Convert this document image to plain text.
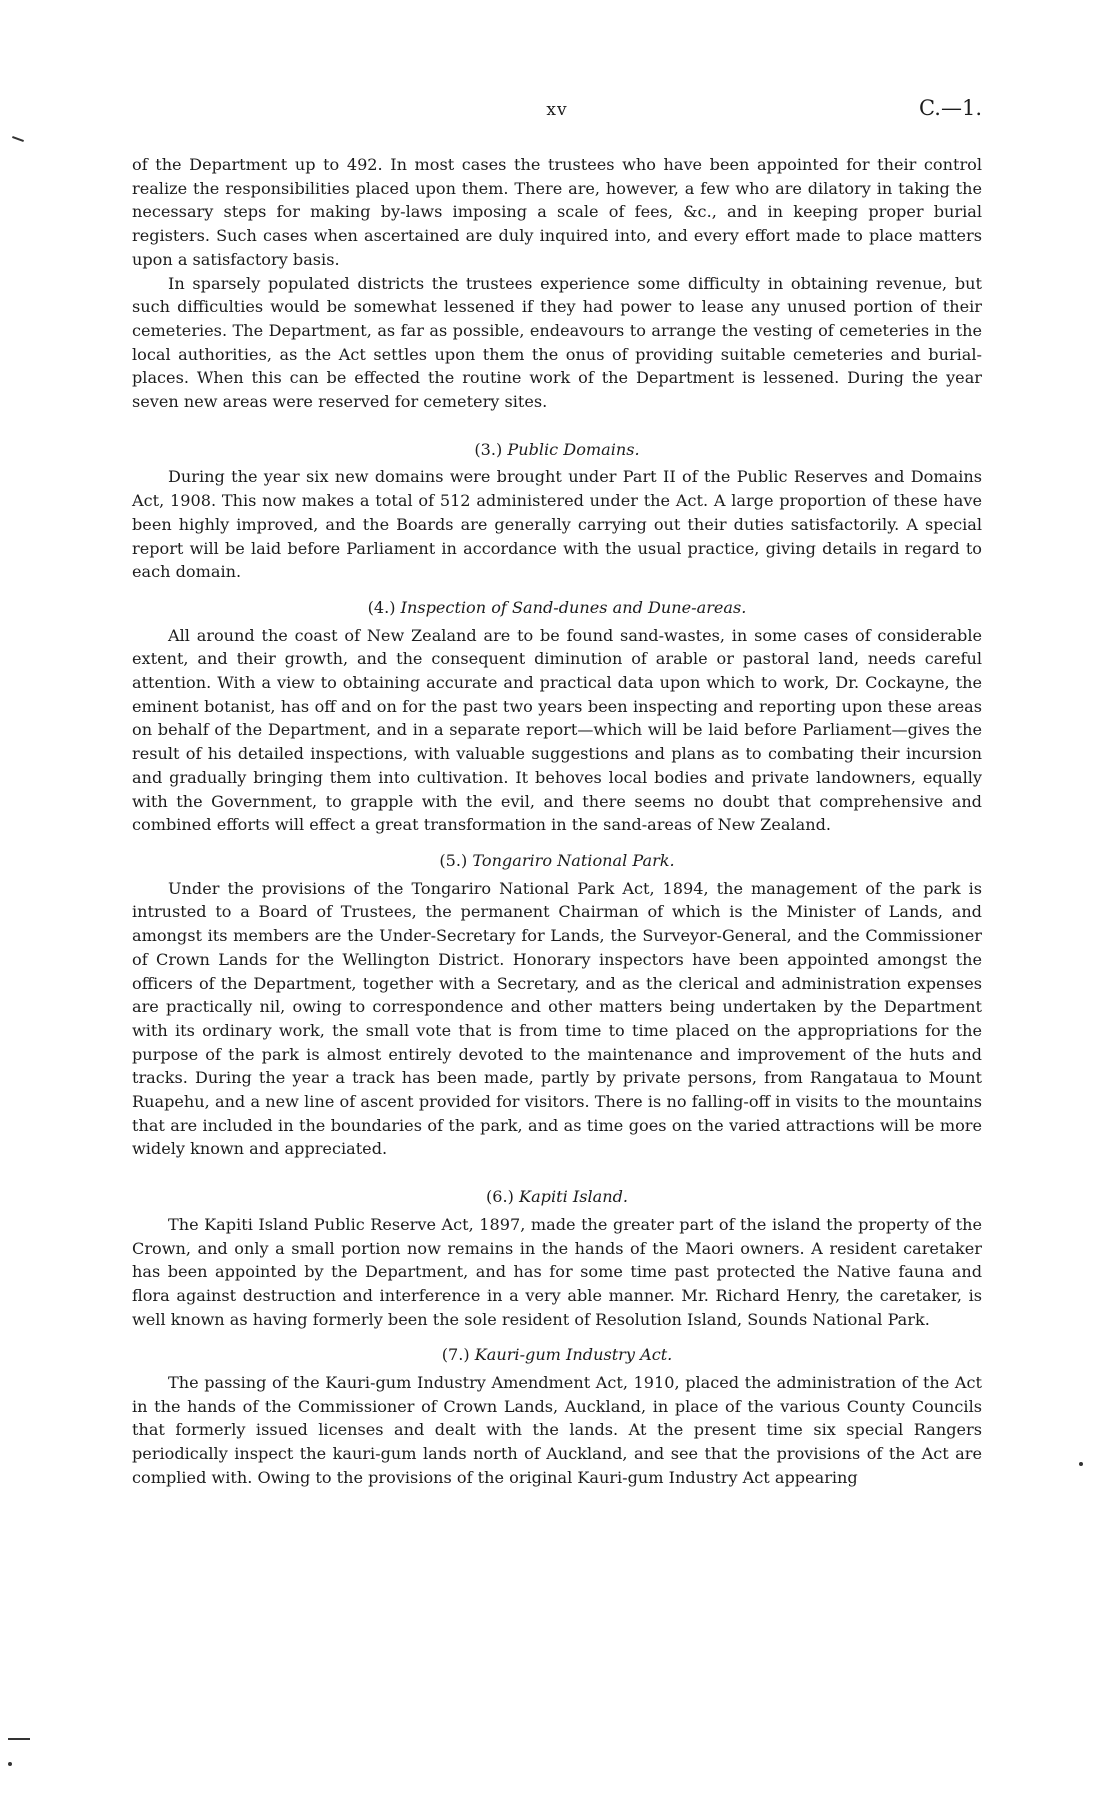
xv	C.—1.

of the Department up to 492. In most cases the trustees who have been appointed for their control realize the responsibilities placed upon them. There are, however, a few who are dilatory in taking the necessary steps for making by-laws imposing a scale of fees, &c., and in keeping proper burial registers. Such cases when ascertained are duly inquired into, and every effort made to place matters upon a satisfactory basis.

In sparsely populated districts the trustees experience some difficulty in obtaining revenue, but such difficulties would be somewhat lessened if they had power to lease any unused portion of their cemeteries. The Department, as far as possible, endeavours to arrange the vesting of cemeteries in the local authorities, as the Act settles upon them the onus of providing suitable cemeteries and burial-places. When this can be effected the routine work of the Department is lessened. During the year seven new areas were reserved for cemetery sites.

(3.) Public Domains.

During the year six new domains were brought under Part II of the Public Reserves and Domains Act, 1908. This now makes a total of 512 administered under the Act. A large proportion of these have been highly improved, and the Boards are generally carrying out their duties satisfactorily. A special report will be laid before Parliament in accordance with the usual practice, giving details in regard to each domain.

(4.) Inspection of Sand-dunes and Dune-areas.

All around the coast of New Zealand are to be found sand-wastes, in some cases of considerable extent, and their growth, and the consequent diminution of arable or pastoral land, needs careful attention. With a view to obtaining accurate and practical data upon which to work, Dr. Cockayne, the eminent botanist, has off and on for the past two years been inspecting and reporting upon these areas on behalf of the Department, and in a separate report—which will be laid before Parliament—gives the result of his detailed inspections, with valuable suggestions and plans as to combating their incursion and gradually bringing them into cultivation. It behoves local bodies and private landowners, equally with the Government, to grapple with the evil, and there seems no doubt that comprehensive and combined efforts will effect a great transformation in the sand-areas of New Zealand.

(5.) Tongariro National Park.

Under the provisions of the Tongariro National Park Act, 1894, the management of the park is intrusted to a Board of Trustees, the permanent Chairman of which is the Minister of Lands, and amongst its members are the Under-Secretary for Lands, the Surveyor-General, and the Commissioner of Crown Lands for the Wellington District. Honorary inspectors have been appointed amongst the officers of the Department, together with a Secretary, and as the clerical and administration expenses are practically nil, owing to correspondence and other matters being undertaken by the Department with its ordinary work, the small vote that is from time to time placed on the appropriations for the purpose of the park is almost entirely devoted to the maintenance and improvement of the huts and tracks. During the year a track has been made, partly by private persons, from Rangataua to Mount Ruapehu, and a new line of ascent provided for visitors. There is no falling-off in visits to the mountains that are included in the boundaries of the park, and as time goes on the varied attractions will be more widely known and appreciated.

(6.) Kapiti Island.

The Kapiti Island Public Reserve Act, 1897, made the greater part of the island the property of the Crown, and only a small portion now remains in the hands of the Maori owners. A resident caretaker has been appointed by the Department, and has for some time past protected the Native fauna and flora against destruction and interference in a very able manner. Mr. Richard Henry, the caretaker, is well known as having formerly been the sole resident of Resolution Island, Sounds National Park.

(7.) Kauri-gum Industry Act.

The passing of the Kauri-gum Industry Amendment Act, 1910, placed the administration of the Act in the hands of the Commissioner of Crown Lands, Auckland, in place of the various County Councils that formerly issued licenses and dealt with the lands. At the present time six special Rangers periodically inspect the kauri-gum lands north of Auckland, and see that the provisions of the Act are complied with. Owing to the provisions of the original Kauri-gum Industry Act appearing
